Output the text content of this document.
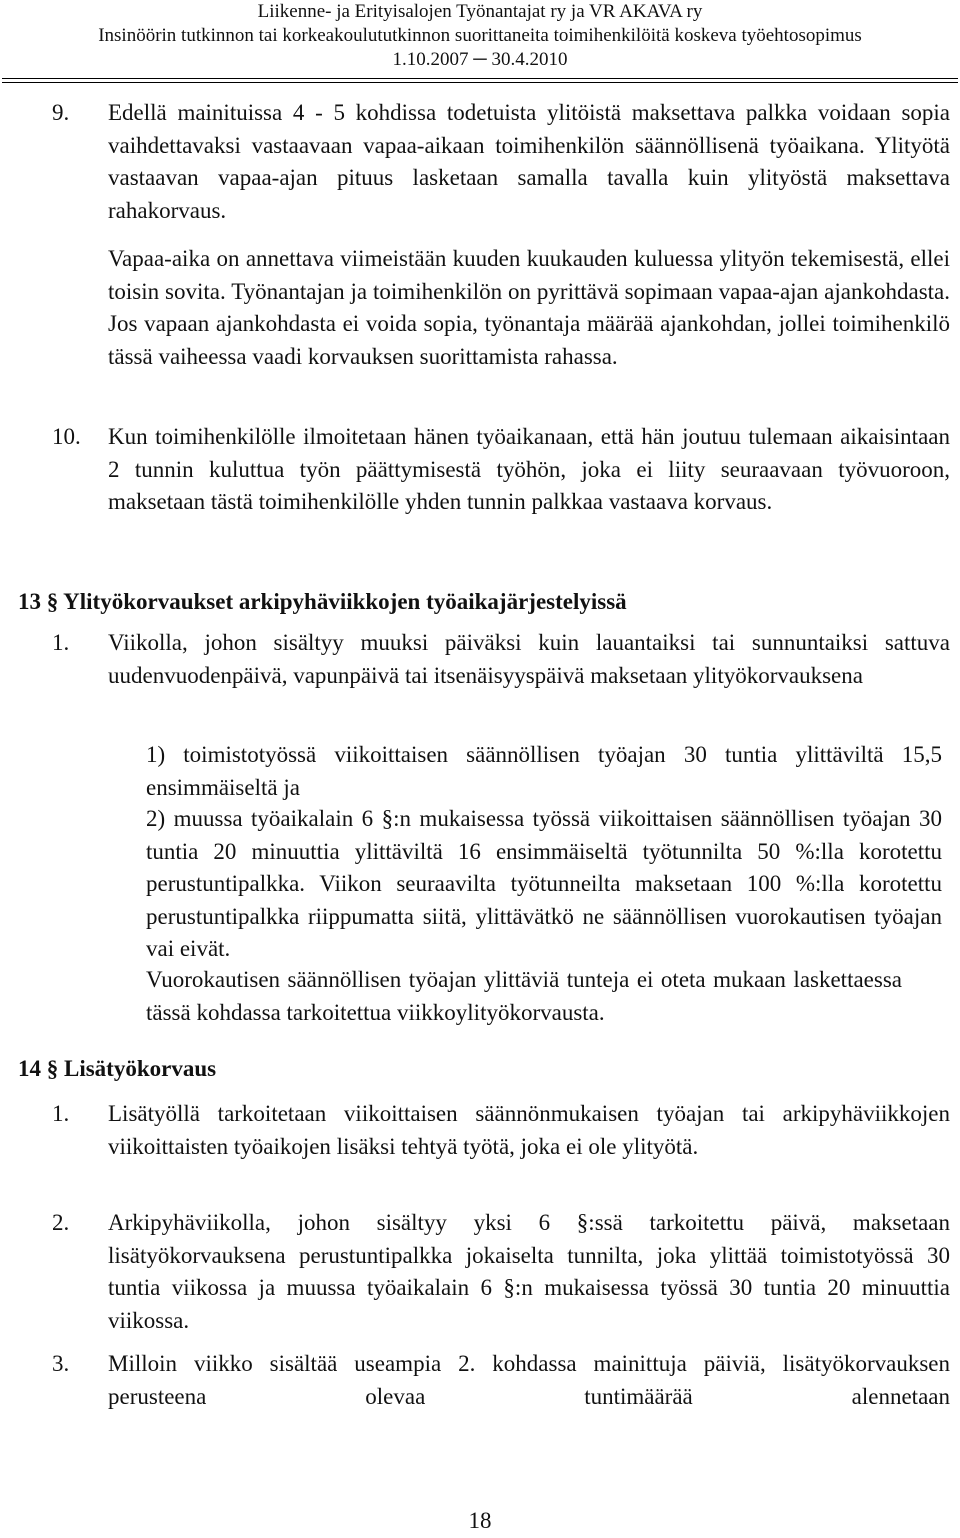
Liikenne- ja Erityisalojen Työnantajat ry ja VR AKAVA ry
Insinöörin tutkinnon tai korkeakoulututkinnon suorittaneita toimihenkilöitä koskeva työehtosopimus
1.10.2007 ─ 30.4.2010
9. Edellä mainituissa 4 - 5 kohdissa todetuista ylitöistä maksettava palkka voidaan sopia vaihdettavaksi vastaavaan vapaa-aikaan toimihenkilön säännöllisenä työaikana. Ylityötä vastaavan vapaa-ajan pituus lasketaan samalla tavalla kuin ylityöstä maksettava rahakorvaus.
Vapaa-aika on annettava viimeistään kuuden kuukauden kuluessa ylityön tekemisestä, ellei toisin sovita. Työnantajan ja toimihenkilön on pyrittävä sopimaan vapaa-ajan ajankohdasta. Jos vapaan ajankohdasta ei voida sopia, työnantaja määrää ajankohdan, jollei toimihenkilö tässä vaiheessa vaadi korvauksen suorittamista rahassa.
10. Kun toimihenkilölle ilmoitetaan hänen työaikanaan, että hän joutuu tulemaan aikaisintaan 2 tunnin kuluttua työn päättymisestä työhön, joka ei liity seuraavaan työvuoroon, maksetaan tästä toimihenkilölle yhden tunnin palkkaa vastaava korvaus.
13 § Ylityökorvaukset arkipyhäviikkojen työaikajärjestelyissä
1. Viikolla, johon sisältyy muuksi päiväksi kuin lauantaiksi tai sunnuntaiksi sattuva uudenvuodenpäivä, vapunpäivä tai itsenäisyyspäivä maksetaan ylityökorvauksena
1) toimistotyössä viikoittaisen säännöllisen työajan 30 tuntia ylittäviltä 15,5 ensimmäiseltä ja
2) muussa työaikalain 6 §:n mukaisessa työssä viikoittaisen säännöllisen työajan 30 tuntia 20 minuuttia ylittäviltä 16 ensimmäiseltä työtunnilta 50 %:lla korotettu perustuntipalkka. Viikon seuraavilta työtunneilta maksetaan 100 %:lla korotettu perustuntipalkka riippumatta siitä, ylittävätkö ne säännöllisen vuorokautisen työajan vai eivät.
Vuorokautisen säännöllisen työajan ylittäviä tunteja ei oteta mukaan laskettaessa tässä kohdassa tarkoitettua viikkoylityökorvausta.
14 § Lisätyökorvaus
1. Lisätyöllä tarkoitetaan viikoittaisen säännönmukaisen työajan tai arkipyhäviikkojen viikoittaisten työaikojen lisäksi tehtyä työtä, joka ei ole ylityötä.
2. Arkipyhäviikolla, johon sisältyy yksi 6 §:ssä tarkoitettu päivä, maksetaan lisätyökorvauksena perustuntipalkka jokaiselta tunnilta, joka ylittää toimistotyössä 30 tuntia viikossa ja muussa työaikalain 6 §:n mukaisessa työssä 30 tuntia 20 minuuttia viikossa.
3. Milloin viikko sisältää useampia 2. kohdassa mainittuja päiviä, lisätyökorvauksen perusteena olevaa tuntimäärää alennetaan
18
